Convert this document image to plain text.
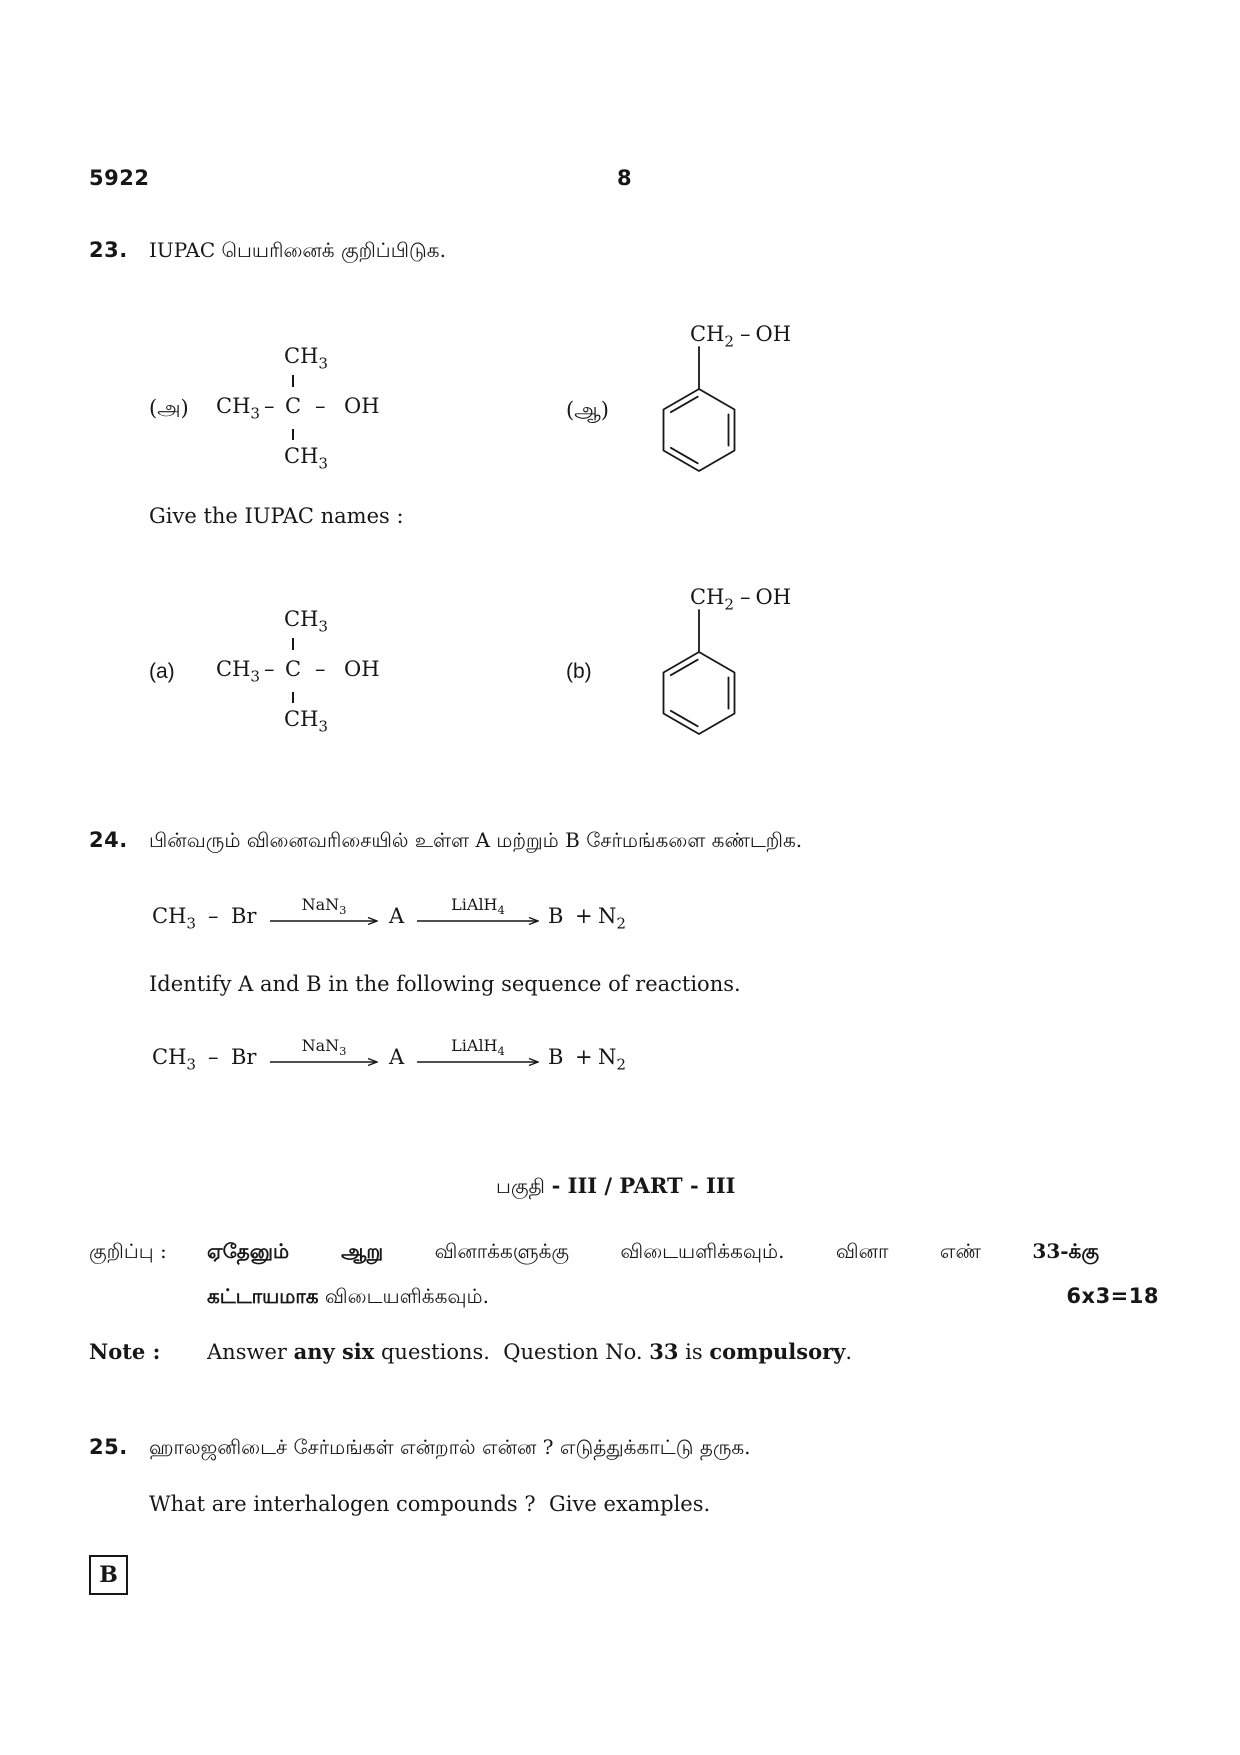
5922	8
23. IUPAC பெயரினைக் குறிப்பிடுக.
(அ)
$CH_3$
$CH_3$ – C – OH
$CH_3$
(ஆ)
$CH_2$ – OH
Give the IUPAC names :
(a)
$CH_3$
$CH_3$ – C – OH
$CH_3$
(b)
$CH_2$ – OH
24. பின்வரும் வினைவரிசையில் உள்ள A மற்றும் B சேர்மங்களை கண்டறிக.
$CH_3$ – Br	NaN$_3$	A	LiAlH$_4$	$B + N_2$
Identify A and B in the following sequence of reactions.
$CH_3$ – Br	NaN$_3$	A	LiAlH$_4$	$B + N_2$
பகுதி - III / PART - III
குறிப்பு : ஏதேனும் ஆறு	வினாக்களுக்கு விடையளிக்கவும். வினா எண்	33-க்கு
கட்டாயமாக விடையளிக்கவும்.	6x3=18
Note : Answer any six questions.  Question No. 33 is compulsory.
25. ஹாலஜனிடைச் சேர்மங்கள் என்றால் என்ன ? எடுத்துக்காட்டு தருக.
What are interhalogen compounds ?  Give examples.
B
